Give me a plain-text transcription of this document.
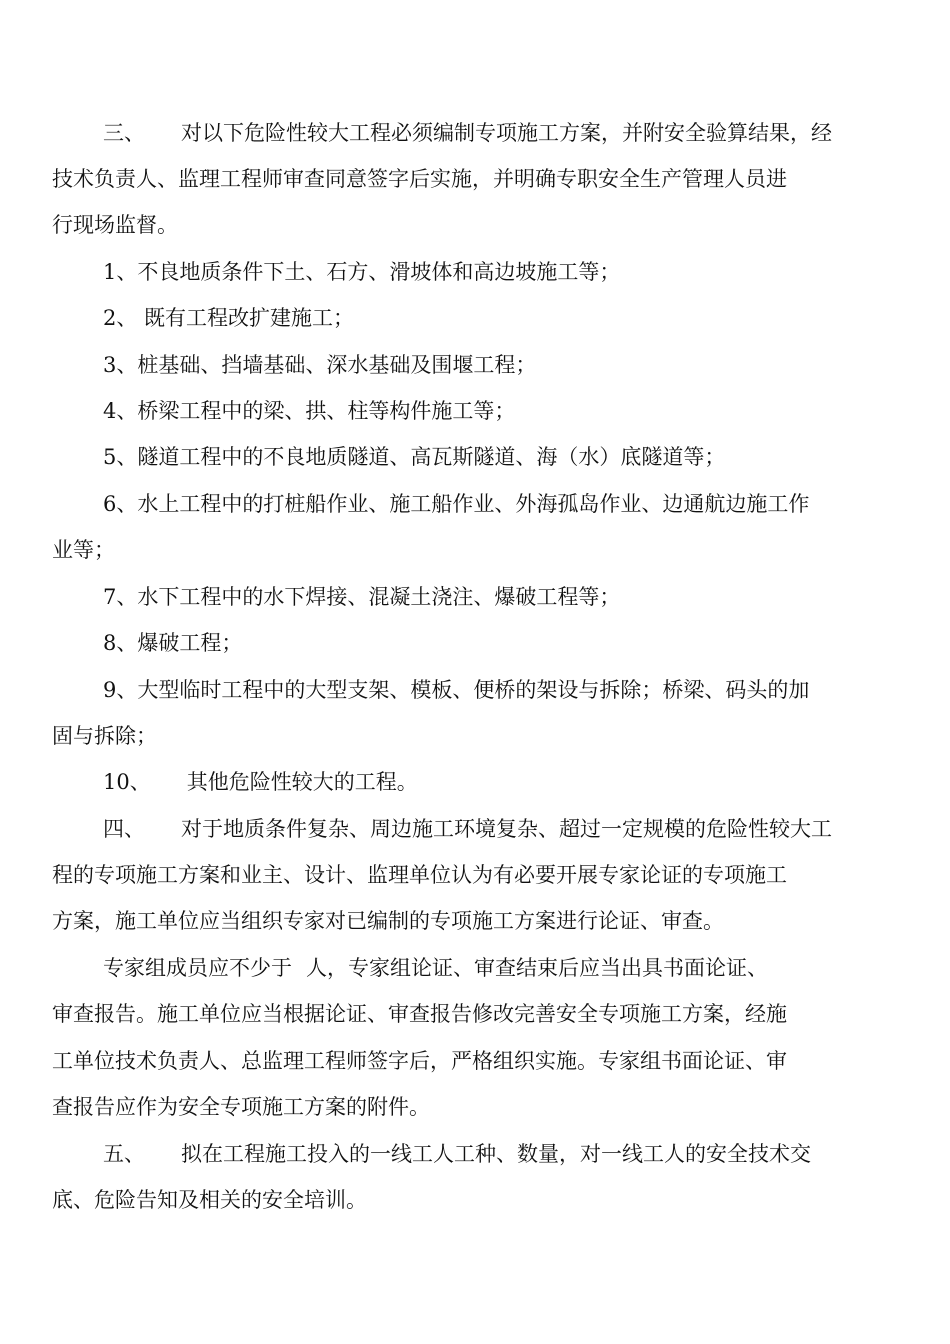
三、 对以下危险性较大工程必须编制专项施工方案，并附安全验算结果，经
技术负责人、监理工程师审查同意签字后实施，并明确专职安全生产管理人员进
行现场监督。
1、不良地质条件下土、石方、滑坡体和高边坡施工等；
2、 既有工程改扩建施工；
3、桩基础、挡墙基础、深水基础及围堰工程；
4、桥梁工程中的梁、拱、柱等构件施工等；
5、隧道工程中的不良地质隧道、高瓦斯隧道、海（水）底隧道等；
6、水上工程中的打桩船作业、施工船作业、外海孤岛作业、边通航边施工作
业等；
7、水下工程中的水下焊接、混凝土浇注、爆破工程等；
8、爆破工程；
9、大型临时工程中的大型支架、模板、便桥的架设与拆除；桥梁、码头的加
固与拆除；
10、 其他危险性较大的工程。
四、 对于地质条件复杂、周边施工环境复杂、超过一定规模的危险性较大工
程的专项施工方案和业主、设计、监理单位认为有必要开展专家论证的专项施工
方案，施工单位应当组织专家对已编制的专项施工方案进行论证、审查。
专家组成员应不少于 人，专家组论证、审查结束后应当出具书面论证、
审查报告。施工单位应当根据论证、审查报告修改完善安全专项施工方案，经施
工单位技术负责人、总监理工程师签字后，严格组织实施。专家组书面论证、审
查报告应作为安全专项施工方案的附件。
五、 拟在工程施工投入的一线工人工种、数量，对一线工人的安全技术交
底、危险告知及相关的安全培训。
